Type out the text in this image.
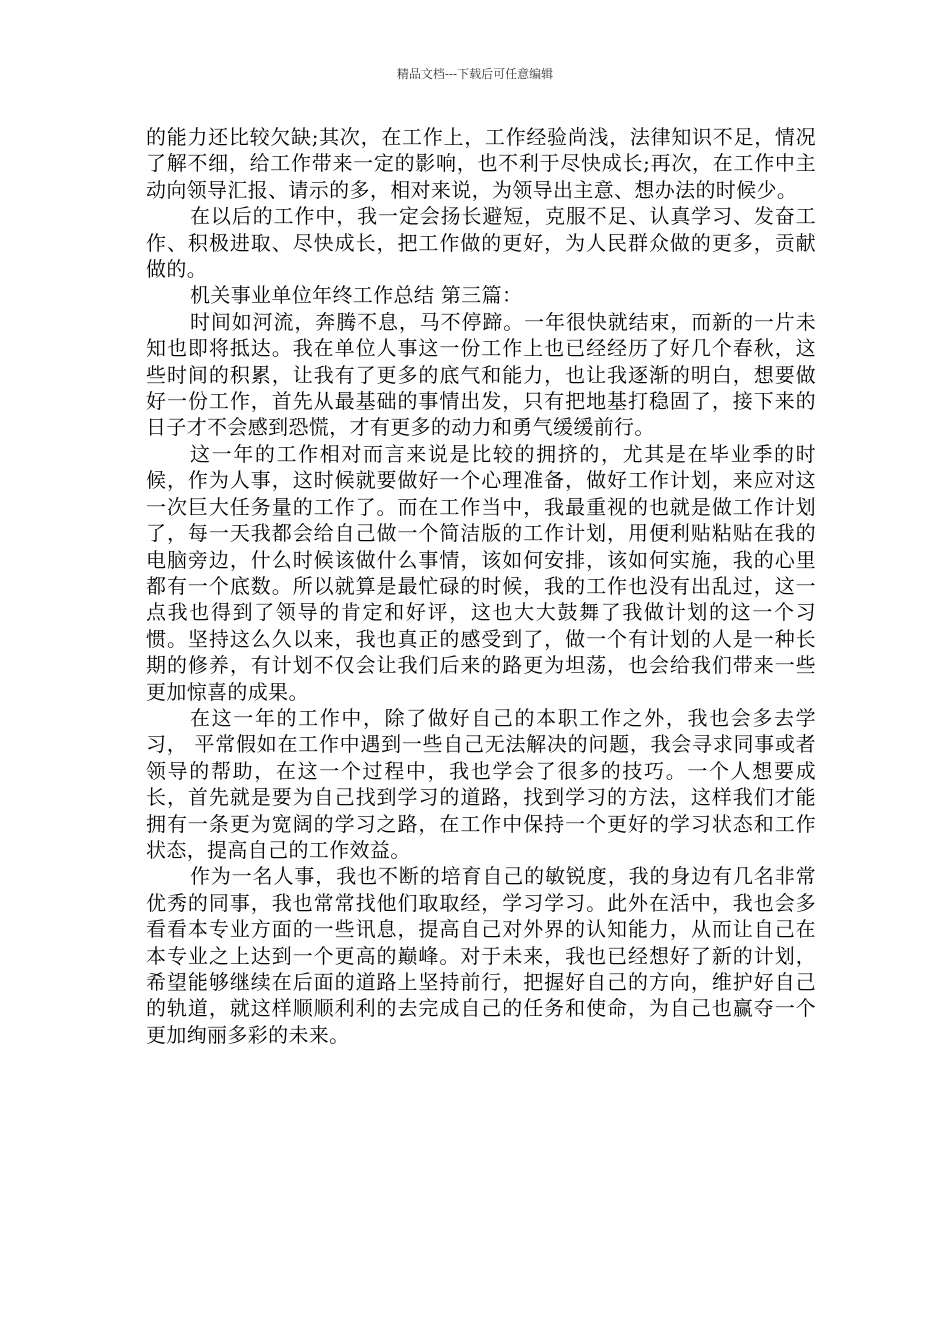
精品文档---下载后可任意编辑

的能力还比较欠缺;其次，在工作上，工作经验尚浅，法律知识不足，情况了解不细，给工作带来一定的影响，也不利于尽快成长;再次，在工作中主动向领导汇报、请示的多，相对来说，为领导出主意、想办法的时候少。

在以后的工作中，我一定会扬长避短，克服不足、认真学习、发奋工作、积极进取、尽快成长，把工作做的更好，为人民群众做的更多，贡献做的。

机关事业单位年终工作总结 第三篇：

时间如河流，奔腾不息，马不停蹄。一年很快就结束，而新的一片未知也即将抵达。我在单位人事这一份工作上也已经经历了好几个春秋，这些时间的积累，让我有了更多的底气和能力，也让我逐渐的明白，想要做好一份工作，首先从最基础的事情出发，只有把地基打稳固了，接下来的日子才不会感到恐慌，才有更多的动力和勇气缓缓前行。

这一年的工作相对而言来说是比较的拥挤的，尤其是在毕业季的时候，作为人事，这时候就要做好一个心理准备，做好工作计划，来应对这一次巨大任务量的工作了。而在工作当中，我最重视的也就是做工作计划了，每一天我都会给自己做一个简洁版的工作计划，用便利贴粘贴在我的电脑旁边，什么时候该做什么事情，该如何安排，该如何实施，我的心里都有一个底数。所以就算是最忙碌的时候，我的工作也没有出乱过，这一点我也得到了领导的肯定和好评，这也大大鼓舞了我做计划的这一个习惯。坚持这么久以来，我也真正的感受到了，做一个有计划的人是一种长期的修养，有计划不仅会让我们后来的路更为坦荡，也会给我们带来一些更加惊喜的成果。

在这一年的工作中，除了做好自己的本职工作之外，我也会多去学习， 平常假如在工作中遇到一些自己无法解决的问题，我会寻求同事或者领导的帮助，在这一个过程中，我也学会了很多的技巧。一个人想要成长，首先就是要为自己找到学习的道路，找到学习的方法，这样我们才能拥有一条更为宽阔的学习之路，在工作中保持一个更好的学习状态和工作状态，提高自己的工作效益。

作为一名人事，我也不断的培育自己的敏锐度，我的身边有几名非常优秀的同事，我也常常找他们取取经，学习学习。此外在活中，我也会多看看本专业方面的一些讯息，提高自己对外界的认知能力，从而让自己在本专业之上达到一个更高的巅峰。对于未来，我也已经想好了新的计划，希望能够继续在后面的道路上坚持前行，把握好自己的方向，维护好自己的轨道，就这样顺顺利利的去完成自己的任务和使命，为自己也赢夺一个更加绚丽多彩的未来。
